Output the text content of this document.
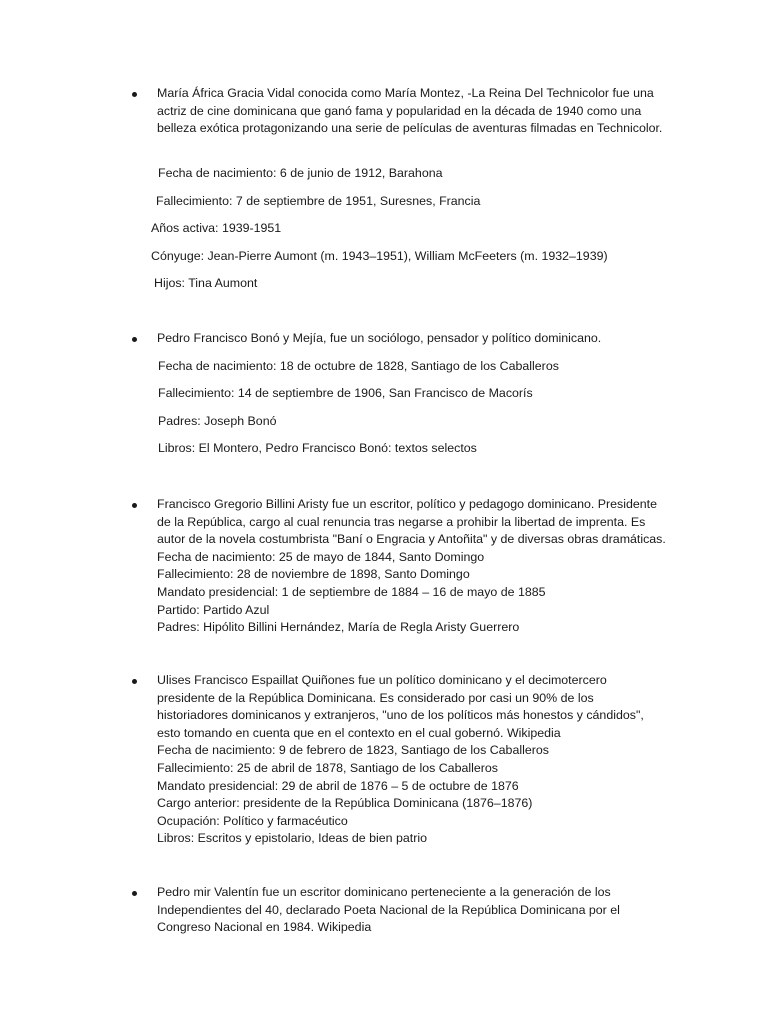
María África Gracia Vidal conocida como María Montez, -La Reina Del Technicolor fue una actriz de cine dominicana que ganó fama y popularidad en la década de 1940 como una belleza exótica protagonizando una serie de películas de aventuras filmadas en Technicolor.

Fecha de nacimiento: 6 de junio de 1912, Barahona
Fallecimiento: 7 de septiembre de 1951, Suresnes, Francia
Años activa: 1939-1951
Cónyuge: Jean-Pierre Aumont (m. 1943–1951), William McFeeters (m. 1932–1939)
Hijos: Tina Aumont

Pedro Francisco Bonó y Mejía, fue un sociólogo, pensador y político dominicano.

Fecha de nacimiento: 18 de octubre de 1828, Santiago de los Caballeros
Fallecimiento: 14 de septiembre de 1906, San Francisco de Macorís
Padres: Joseph Bonó
Libros: El Montero, Pedro Francisco Bonó: textos selectos

Francisco Gregorio Billini Aristy fue un escritor, político y pedagogo dominicano. Presidente de la República, cargo al cual renuncia tras negarse a prohibir la libertad de imprenta. Es autor de la novela costumbrista "Baní o Engracia y Antoñita" y de diversas obras dramáticas.

Fecha de nacimiento: 25 de mayo de 1844, Santo Domingo
Fallecimiento: 28 de noviembre de 1898, Santo Domingo
Mandato presidencial: 1 de septiembre de 1884 – 16 de mayo de 1885
Partido: Partido Azul
Padres: Hipólito Billini Hernández, María de Regla Aristy Guerrero

Ulises Francisco Espaillat Quiñones fue un político dominicano y el decimotercero presidente de la República Dominicana. Es considerado por casi un 90% de los historiadores dominicanos y extranjeros, "uno de los políticos más honestos y cándidos", esto tomando en cuenta que en el contexto en el cual gobernó. Wikipedia

Fecha de nacimiento: 9 de febrero de 1823, Santiago de los Caballeros
Fallecimiento: 25 de abril de 1878, Santiago de los Caballeros
Mandato presidencial: 29 de abril de 1876 – 5 de octubre de 1876
Cargo anterior: presidente de la República Dominicana (1876–1876)
Ocupación: Político y farmacéutico
Libros: Escritos y epistolario, Ideas de bien patrio

Pedro mir Valentín fue un escritor dominicano perteneciente a la generación de los Independientes del 40, declarado Poeta Nacional de la República Dominicana por el Congreso Nacional en 1984. Wikipedia
